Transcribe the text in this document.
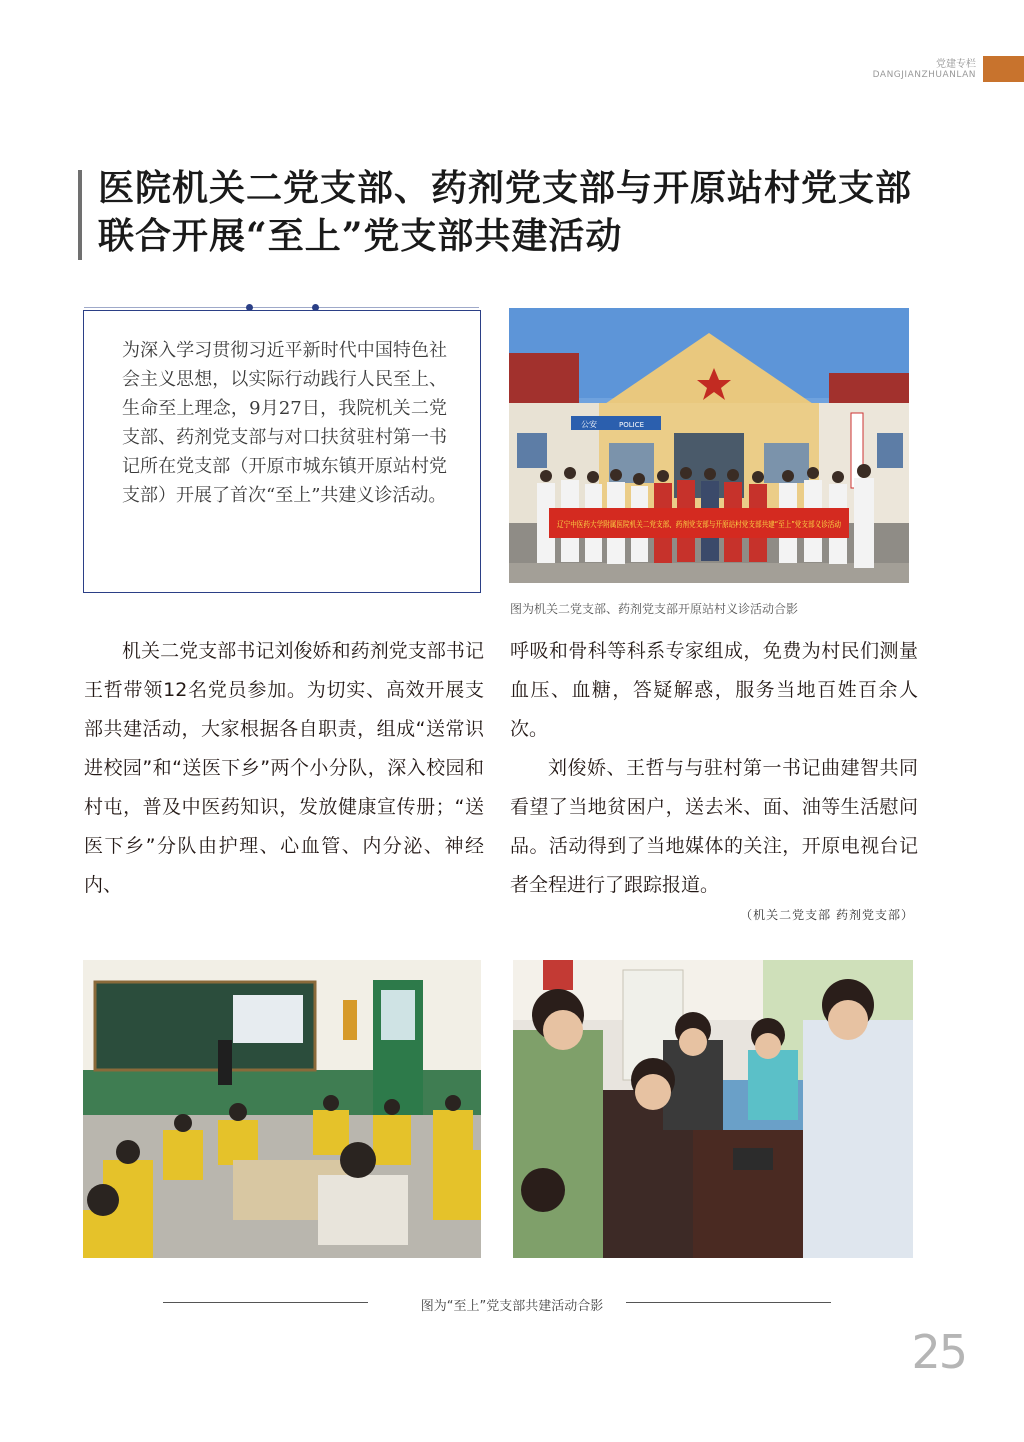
党建专栏
DANGJIANZHUANLAN
医院机关二党支部、药剂党支部与开原站村党支部
联合开展“至上”党支部共建活动
为深入学习贯彻习近平新时代中国特色社会主义思想，以实际行动践行人民至上、生命至上理念，9月27日，我院机关二党支部、药剂党支部与对口扶贫驻村第一书记所在党支部（开原市城东镇开原站村党支部）开展了首次“至上”共建义诊活动。
公安	POLICE
辽宁中医药大学附属医院机关二党支部、药剂党支部与开原站村党支部共建“至上”党支部义诊活动
图为机关二党支部、药剂党支部开原站村义诊活动合影
机关二党支部书记刘俊娇和药剂党支部书记王哲带领12名党员参加。为切实、高效开展支部共建活动，大家根据各自职责，组成“送常识进校园”和“送医下乡”两个小分队，深入校园和村屯，普及中医药知识，发放健康宣传册；“送医下乡”分队由护理、心血管、内分泌、神经内、

呼吸和骨科等科系专家组成，免费为村民们测量血压、血糖，答疑解惑，服务当地百姓百余人次。

刘俊娇、王哲与与驻村第一书记曲建智共同看望了当地贫困户，送去米、面、油等生活慰问品。活动得到了当地媒体的关注，开原电视台记者全程进行了跟踪报道。

（机关二党支部 药剂党支部）
图为“至上”党支部共建活动合影
25
